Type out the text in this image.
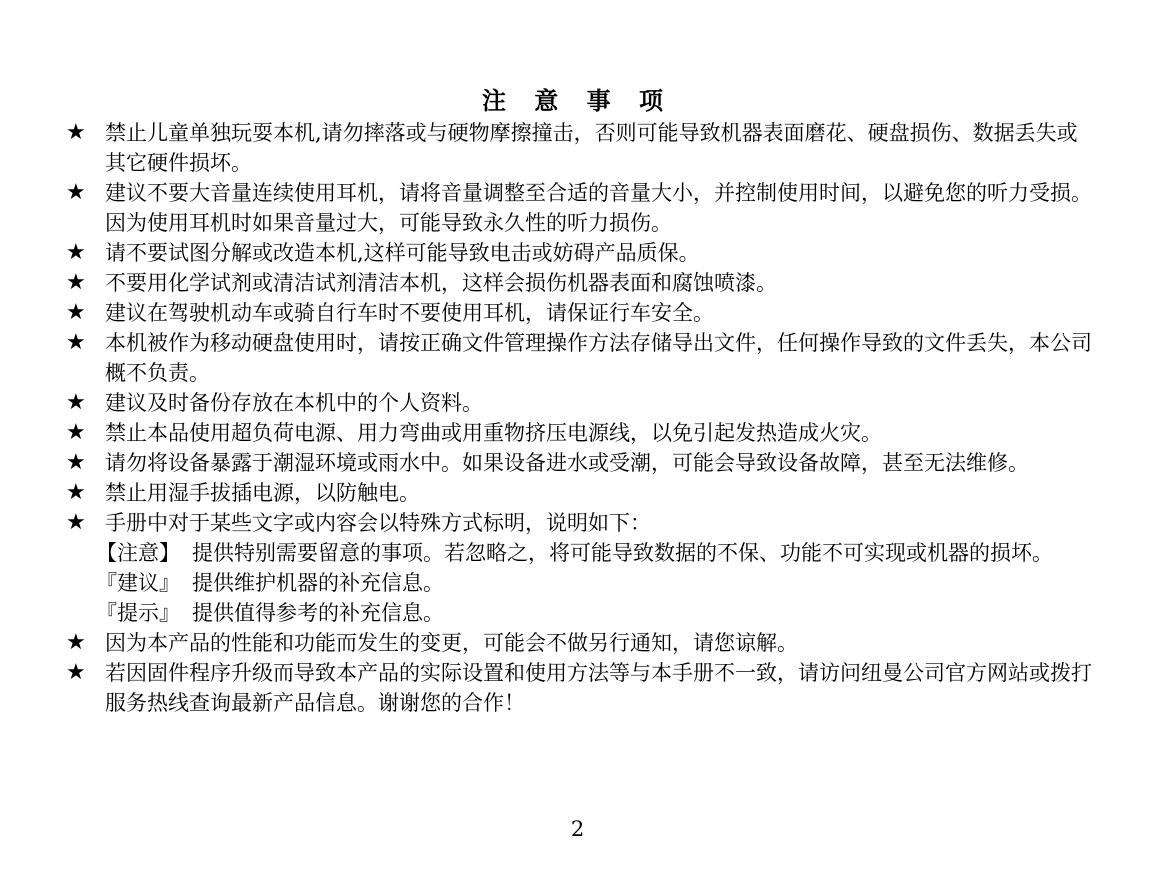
注 意 事 项
★ 禁止儿童单独玩耍本机,请勿摔落或与硬物摩擦撞击，否则可能导致机器表面磨花、硬盘损伤、数据丢失或其它硬件损坏。
★ 建议不要大音量连续使用耳机，请将音量调整至合适的音量大小，并控制使用时间，以避免您的听力受损。因为使用耳机时如果音量过大，可能导致永久性的听力损伤。
★ 请不要试图分解或改造本机,这样可能导致电击或妨碍产品质保。
★ 不要用化学试剂或清洁试剂清洁本机，这样会损伤机器表面和腐蚀喷漆。
★ 建议在驾驶机动车或骑自行车时不要使用耳机，请保证行车安全。
★ 本机被作为移动硬盘使用时，请按正确文件管理操作方法存储导出文件，任何操作导致的文件丢失，本公司概不负责。
★ 建议及时备份存放在本机中的个人资料。
★ 禁止本品使用超负荷电源、用力弯曲或用重物挤压电源线，以免引起发热造成火灾。
★ 请勿将设备暴露于潮湿环境或雨水中。如果设备进水或受潮，可能会导致设备故障，甚至无法维修。
★ 禁止用湿手拔插电源，以防触电。
★ 手册中对于某些文字或内容会以特殊方式标明，说明如下：
【注意】 提供特别需要留意的事项。若忽略之，将可能导致数据的不保、功能不可实现或机器的损坏。
『建议』 提供维护机器的补充信息。
『提示』 提供值得参考的补充信息。
★ 因为本产品的性能和功能而发生的变更，可能会不做另行通知，请您谅解。
★ 若因固件程序升级而导致本产品的实际设置和使用方法等与本手册不一致，请访问纽曼公司官方网站或拨打服务热线查询最新产品信息。谢谢您的合作！
2
